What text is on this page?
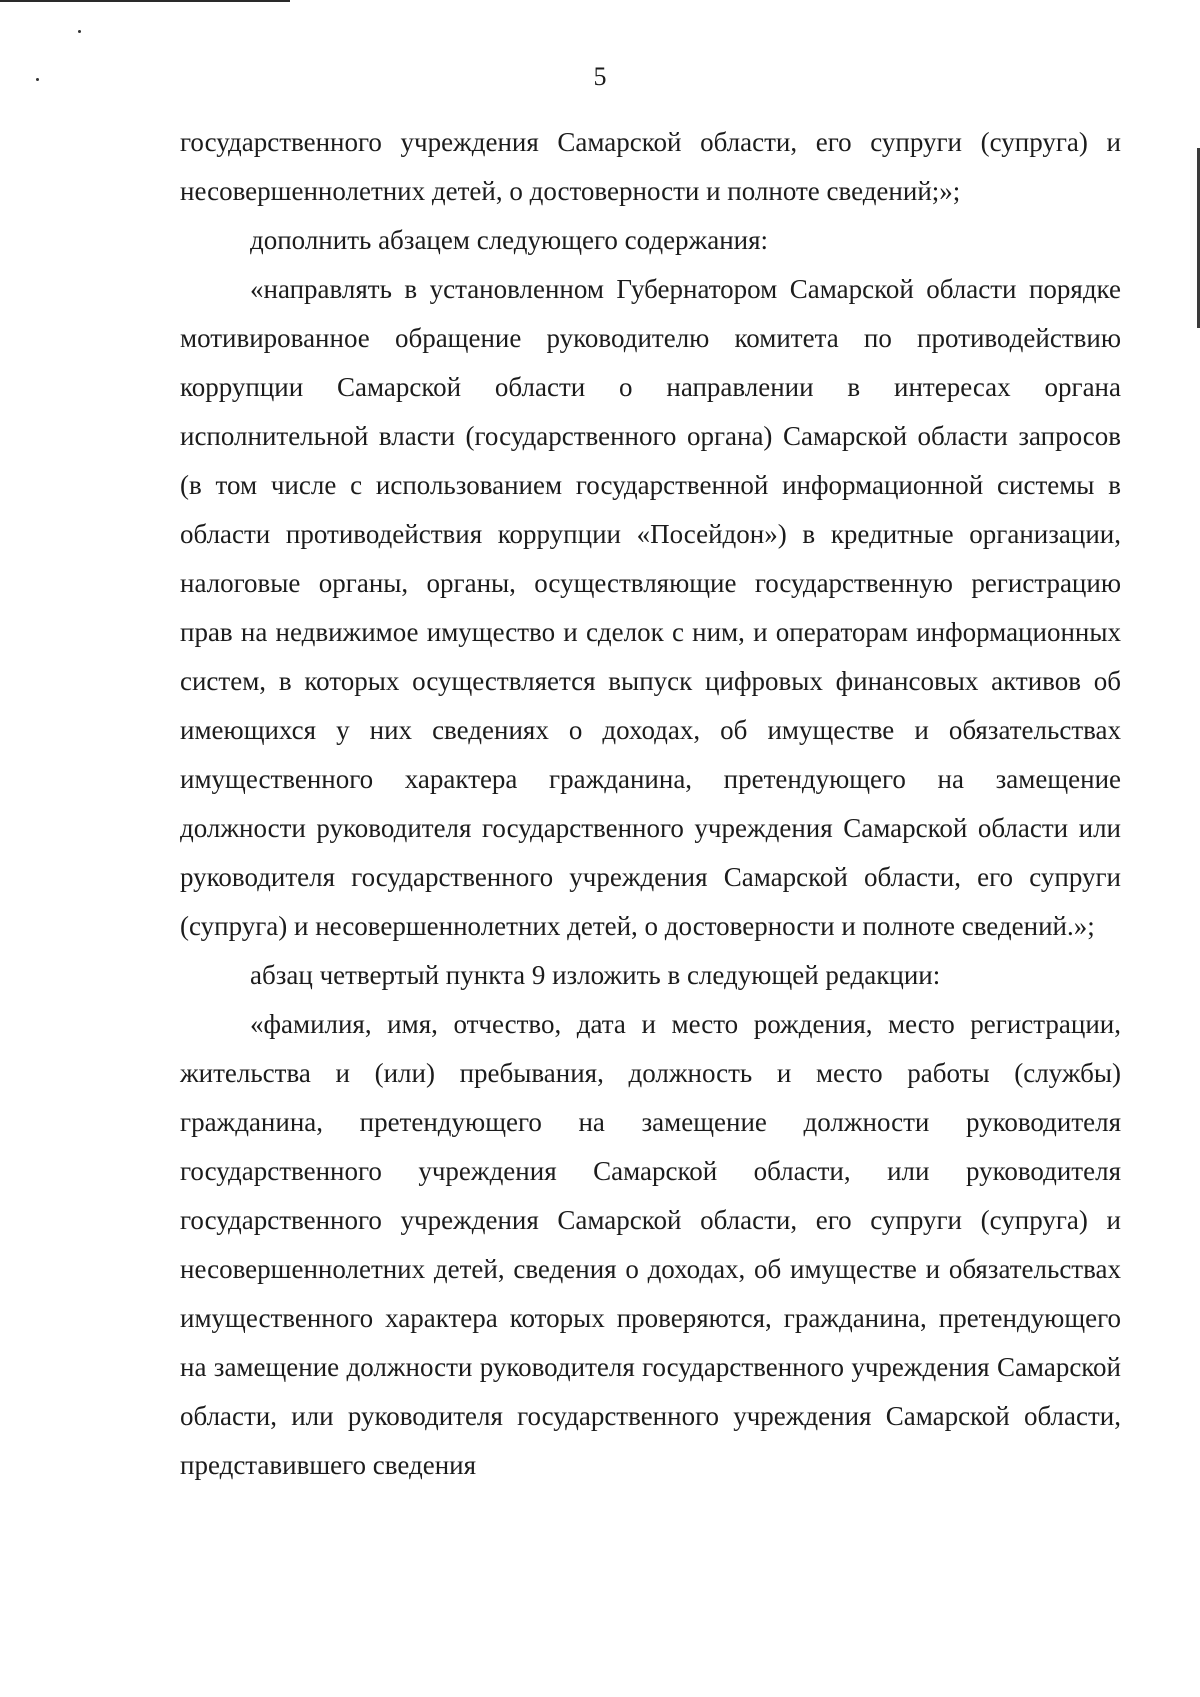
5

государственного учреждения Самарской области, его супруги (супруга) и несовершеннолетних детей, о достоверности и полноте сведений;»;

дополнить абзацем следующего содержания:

«направлять в установленном Губернатором Самарской области порядке мотивированное обращение руководителю комитета по противодействию коррупции Самарской области о направлении в интересах органа исполнительной власти (государственного органа) Самарской области запросов (в том числе с использованием государственной информационной системы в области противодействия коррупции «Посейдон») в кредитные организации, налоговые органы, органы, осуществляющие государственную регистрацию прав на недвижимое имущество и сделок с ним, и операторам информационных систем, в которых осуществляется выпуск цифровых финансовых активов об имеющихся у них сведениях о доходах, об имуществе и обязательствах имущественного характера гражданина, претендующего на замещение должности руководителя государственного учреждения Самарской области или руководителя государственного учреждения Самарской области, его супруги (супруга) и несовершеннолетних детей, о достоверности и полноте сведений.»;

абзац четвертый пункта 9 изложить в следующей редакции:

«фамилия, имя, отчество, дата и место рождения, место регистрации, жительства и (или) пребывания, должность и место работы (службы) гражданина, претендующего на замещение должности руководителя государственного учреждения Самарской области, или руководителя государственного учреждения Самарской области, его супруги (супруга) и несовершеннолетних детей, сведения о доходах, об имуществе и обязательствах имущественного характера которых проверяются, гражданина, претендующего на замещение должности руководителя государственного учреждения Самарской области, или руководителя государственного учреждения Самарской области, представившего сведения
